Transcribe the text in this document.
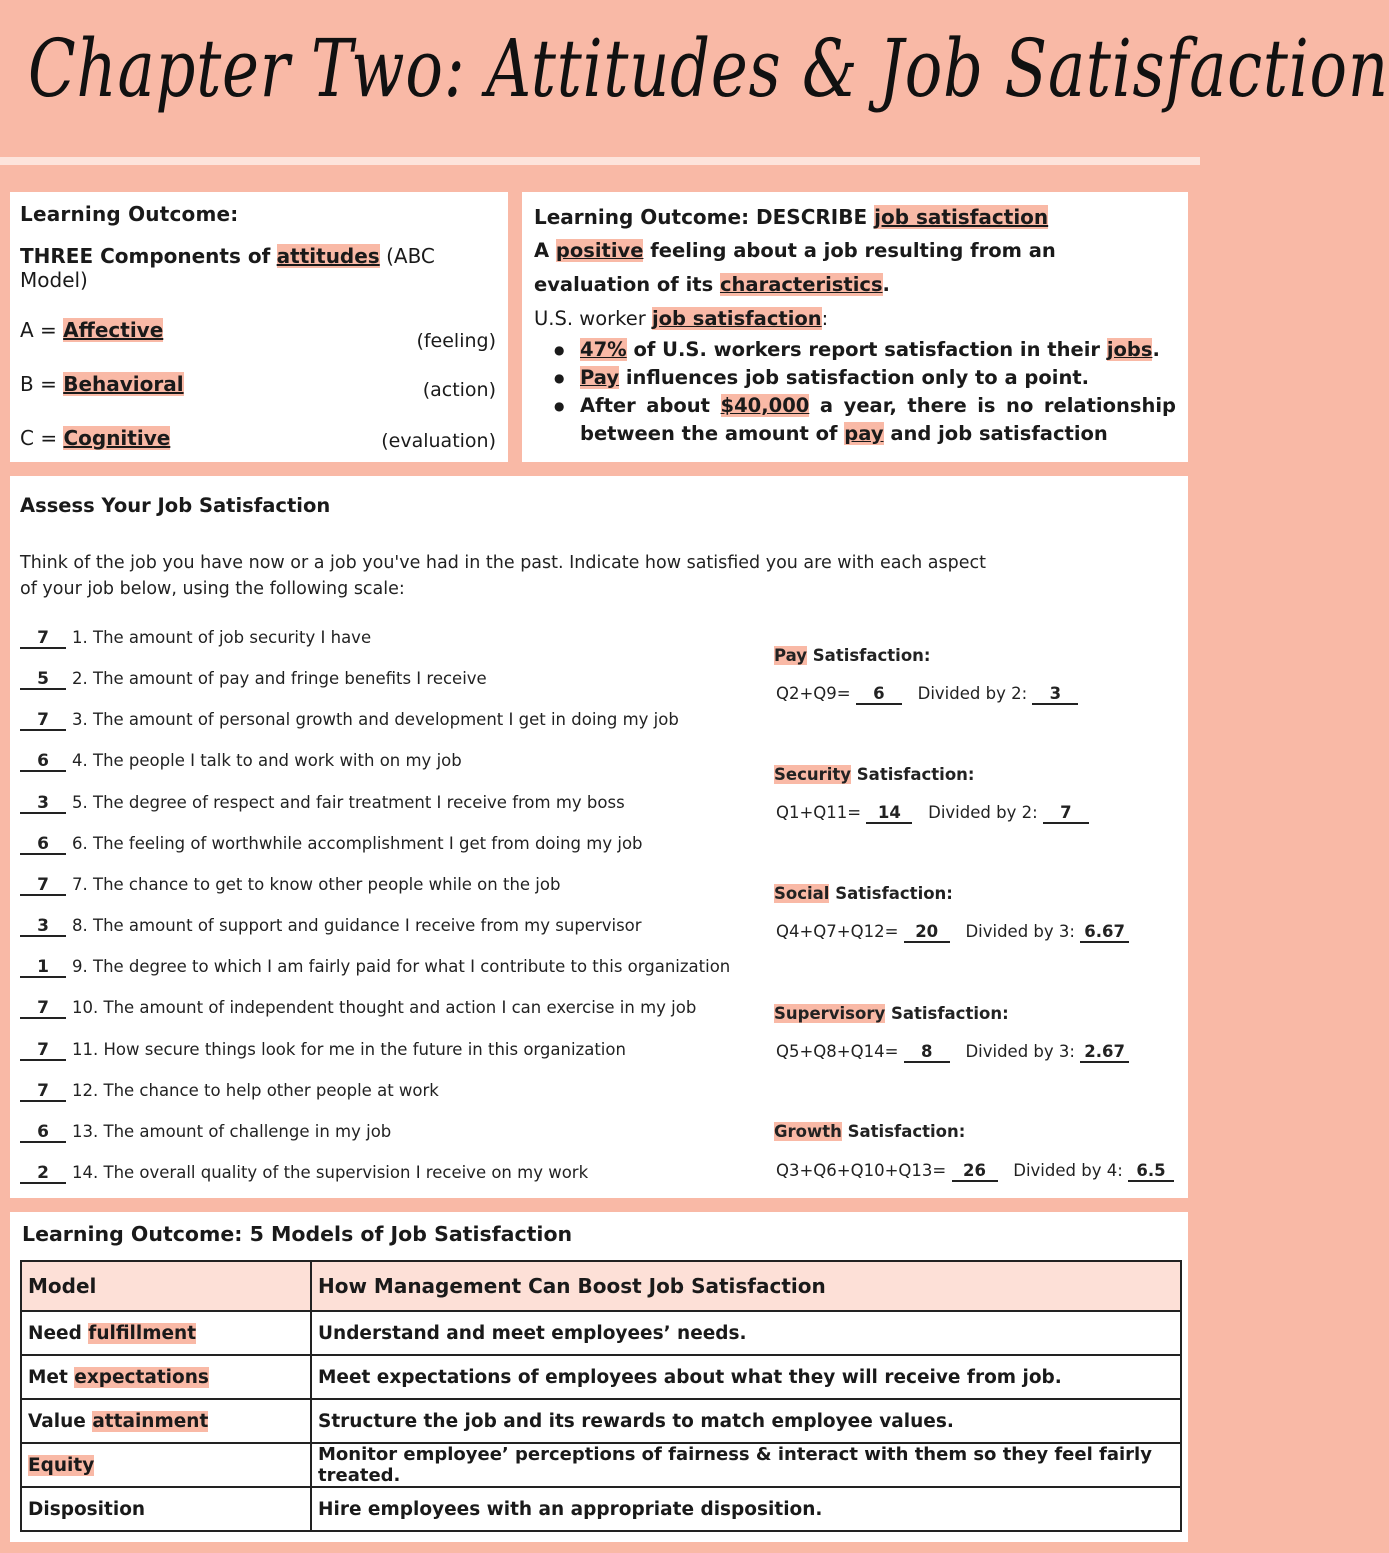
Chapter Two: Attitudes & Job Satisfaction
Learning Outcome:
THREE Components of attitudes (ABC Model)
A = Affective	(feeling)
B = Behavioral	(action)
C = Cognitive	(evaluation)

Learning Outcome: DESCRIBE job satisfaction

A positive feeling about a job resulting from an evaluation of its characteristics.

U.S. worker job satisfaction:

● 47% of U.S. workers report satisfaction in their jobs.
● Pay influences job satisfaction only to a point.
● After about $40,000 a year, there is no relationship between the amount of pay and job satisfaction
Assess Your Job Satisfaction
Think of the job you have now or a job you've had in the past. Indicate how satisfied you are with each aspect of your job below, using the following scale:
7 1. The amount of job security I have
5 2. The amount of pay and fringe benefits I receive
7 3. The amount of personal growth and development I get in doing my job
6 4. The people I talk to and work with on my job
3 5. The degree of respect and fair treatment I receive from my boss
6 6. The feeling of worthwhile accomplishment I get from doing my job
7 7. The chance to get to know other people while on the job
3 8. The amount of support and guidance I receive from my supervisor
1 9. The degree to which I am fairly paid for what I contribute to this organization
7 10. The amount of independent thought and action I can exercise in my job
7 11. How secure things look for me in the future in this organization
7 12. The chance to help other people at work
6 13. The amount of challenge in my job
2 14. The overall quality of the supervision I receive on my work
Pay Satisfaction:
Q2+Q9= 6 Divided by 2: 3
Security Satisfaction:
Q1+Q11= 14 Divided by 2: 7
Social Satisfaction:
Q4+Q7+Q12= 20 Divided by 3: 6.67
Supervisory Satisfaction:
Q5+Q8+Q14= 8 Divided by 3: 2.67
Growth Satisfaction:
Q3+Q6+Q10+Q13= 26 Divided by 4: 6.5
Learning Outcome: 5 Models of Job Satisfaction
Model	How Management Can Boost Job Satisfaction
Need fulfillment	Understand and meet employees’ needs.
Met expectations	Meet expectations of employees about what they will receive from job.
Value attainment	Structure the job and its rewards to match employee values.
Equity	Monitor employee’ perceptions of fairness & interact with them so they feel fairly treated.
Disposition	Hire employees with an appropriate disposition.
